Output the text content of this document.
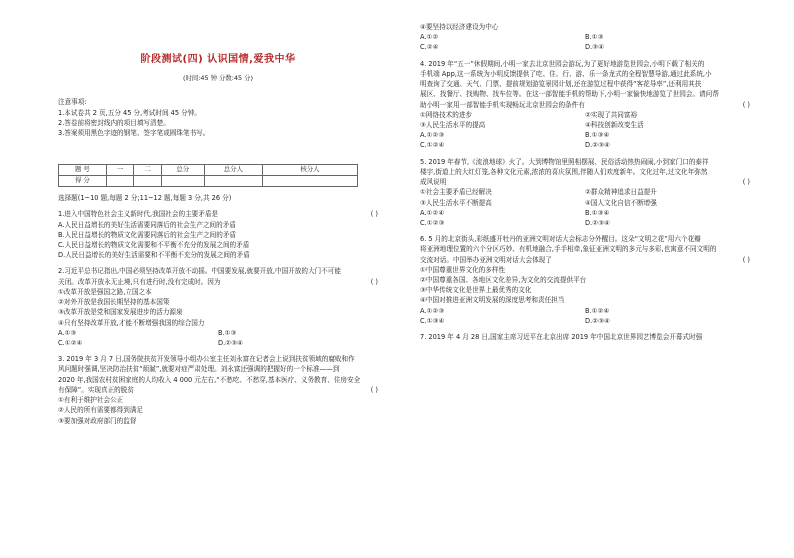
阶段测试(四) 认识国情,爱我中华
(时间:45 钟 分数:45 分)
注意事项:
1.本试卷共 2 页,五分 45 分,考试时间 45 分钟。
2.答卷前将密封线内的项目填写清楚。
3.答案须用黑色字迹的钢笔、签字笔或圆珠笔书写。
题 号	一	二	总分	总分人	核分人
得 分					
选择题(1~10 题,每题 2 分;11~12 题,每题 3 分,共 26 分)

1.进入中国特色社会主义新时代,我国社会的主要矛盾是	( )

A.人民日益增长的美好生活需要同落后的社会生产之间的矛盾

B.人民日益增长的物质文化需要同落后的社会生产之间的矛盾

C.人民日益增长的物质文化需要和不平衡不充分的发展之间的矛盾

D.人民日益增长的美好生活需要和不平衡不充分的发展之间的矛盾

2.习近平总书记指出,中国必须坚持改革开放不动摇。中国要发展,就要开放,中国开放的大门不可能

关闭。改革开放永无止境,只有进行时,没有完成时。因为	( )

①改革开放是强国之路,立国之本

②对外开放是我国长期坚持的基本国策

③改革开放是党和国家发展进步的活力源泉

④只有坚持改革开放,才能不断增强我国的综合国力

A.①③	B.①③

C.①②④	D.②③④

3. 2019 年 3 月 7 日,国务院扶贫开发领导小组办公室主任刘永富在记者会上说到扶贫领域的腐败和作

风问题时强调,坚决防治扶贫“烦腻”,就要对症严肃处理。刘永富还强调的把握好的一个标准——到

2020 年,我国农村贫困家庭的人均收入 4 000 元左右,“不愁吃、不愁穿,基本医疗、义务教育、住房安全

有保障”。实现真正的脱贫	( )

①有利于维护社会公正

②人民的所有需要都得到满足

③要加强对政府部门的监督

④要坚持以经济建设为中心

A.①②	B.①③

C.②④	D.③④

4. 2019 年“五一”休假期间,小明一家去北京世园会游玩,为了更好地游览世园会,小明下载了相关的

手机端 App,这一系统为小明反馈提供了吃、住、行、游、乐一条龙式的全程智慧导游,通过此系统,小

明查询了交通、天气、门票、提前规划游览景园计划,还在游览过程中获得“客花导率”,还利用其扶

展区、找餐厅、找购物、找车位等。在这一部智能手机的帮助下,小明一家愉快地游览了世园会。请问帮

助小明一家用一部智能手机实现畅玩北京世园会的条件有	( )

①网络技术的进步	②实现了共同富裕

③人民生活水平的提高	④科技创新改变生活

A.①②③	B.①③④

C.①②④	D.②③④

5. 2019 年春节,《流浪地球》火了。大到博物馆里照相摆展、民俗活动热热闹闹,小到家门口的泰祥

楼宇,街道上的大红灯笼,各种文化元素,浓浓的喜庆氛围,伴随人们欢度新年。文化过年,过文化年弥然

成风说明	( )

①社会主要矛盾已经解决	②群众精神追求日益提升

③人民生活水平不断提高	④国人文化自信不断增强

A.①②④	B.①③④

C.①②③	D.②③④

6. 5 月的北京街头,彩纸盛开牡丹的亚洲文明对话大会标志分外醒目。这朵“文明之花”用六个花瓣

将亚洲地理位置的六个分区巧妙、有机地融合,手手相牵,象征亚洲文明的多元与多彩,也寓意不同文明的

交流对话。中国举办亚洲文明对话大会体现了	( )

①中国尊重世界文化的多样性

②中国尊重各国、各地区文化差异,为文化的交流提供平台

③中华传统文化是世界上最优秀的文化

④中国对推进亚洲文明发展的深度思考和责任担当

A.①②③	B.①②④

C.①③④	D.②③④

7. 2019 年 4 月 28 日,国家主席习近平在北京出席 2019 年中国北京世界园艺博览会开幕式时强
